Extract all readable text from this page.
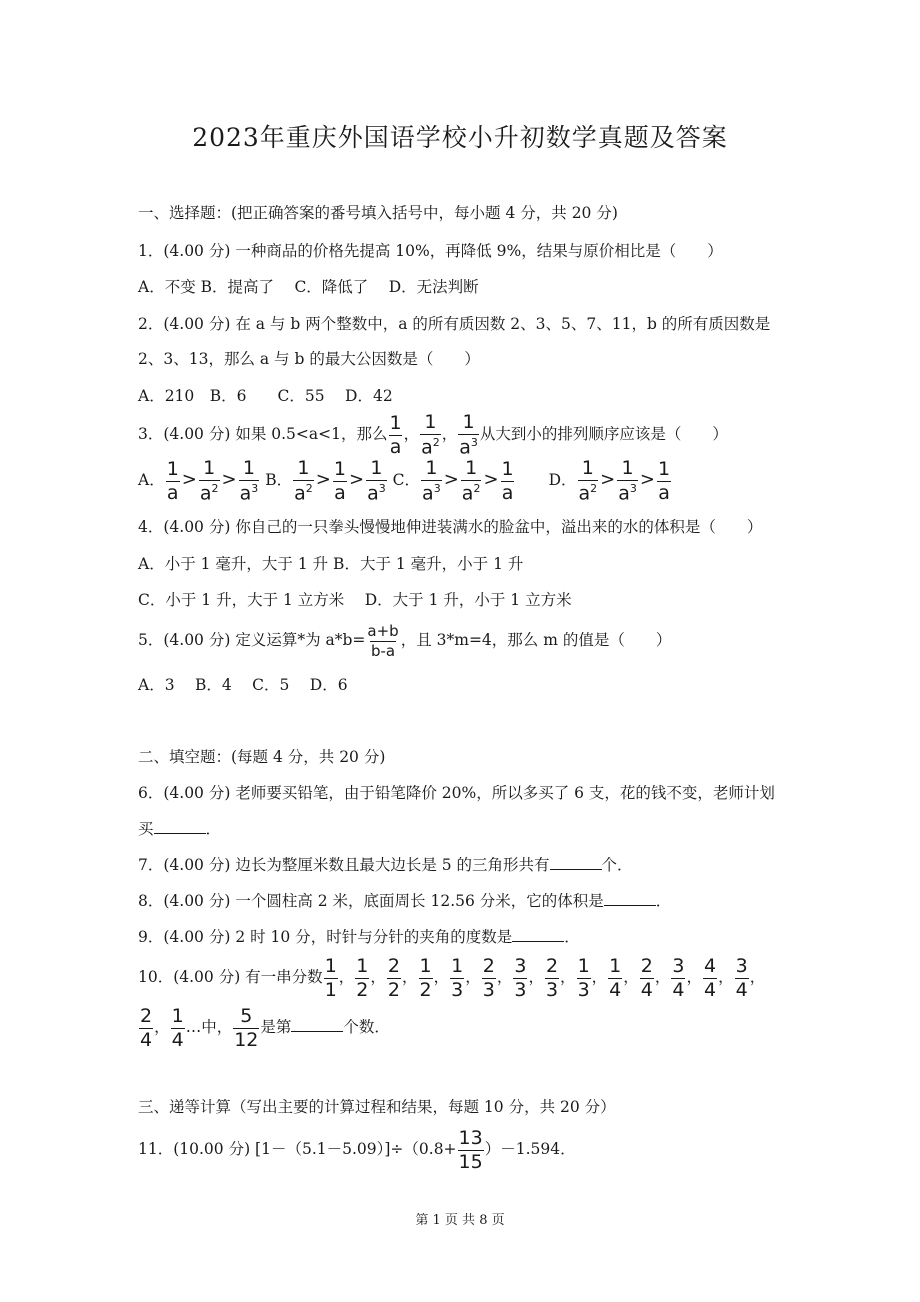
2023年重庆外国语学校小升初数学真题及答案
一、选择题：(把正确答案的番号填入括号中，每小题 4 分，共 20 分)
1．(4.00 分) 一种商品的价格先提高 10%，再降低 9%，结果与原价相比是（　　）
A．不变 B．提高了　 C．降低了　 D．无法判断
2．(4.00 分) 在 a 与 b 两个整数中，a 的所有质因数 2、3、5、7、11，b 的所有质因数是
2、3、13，那么 a 与 b 的最大公因数是（　　）
A．210　B．6　　C．55　 D．42
3．(4.00 分) 如果 0.5<a<1，那么 $\frac{1}{a}$ ， $\frac{1}{a^2}$ ， $\frac{1}{a^3}$ 从大到小的排列顺序应该是（　　）
A． $\frac{1}{a} > \frac{1}{a^2} > \frac{1}{a^3}$ B． $\frac{1}{a^2} > \frac{1}{a} > \frac{1}{a^3}$ C． $\frac{1}{a^3} > \frac{1}{a^2} > \frac{1}{a}$ D． $\frac{1}{a^2} > \frac{1}{a^3} > \frac{1}{a}$
4．(4.00 分) 你自己的一只拳头慢慢地伸进装满水的脸盆中，溢出来的水的体积是（　　）
A．小于 1 毫升，大于 1 升 B．大于 1 毫升，小于 1 升
C．小于 1 升，大于 1 立方米　 D．大于 1 升，小于 1 立方米
5．(4.00 分) 定义运算*为 $a*b= \frac{a+b}{b-a}$ ，且 3*m=4，那么 m 的值是（　　）
A．3　 B．4　 C．5　 D．6
二、填空题：(每题 4 分，共 20 分)
6．(4.00 分) 老师要买铅笔，由于铅笔降价 20%，所以多买了 6 支，花的钱不变，老师计划
买	．
7．(4.00 分) 边长为整厘米数且最大边长是 5 的三角形共有	个．
8．(4.00 分) 一个圆柱高 2 米，底面周长 12.56 分米，它的体积是	．
9．(4.00 分) 2 时 10 分，时针与分针的夹角的度数是	．
10．(4.00 分) 有一串分数 $\frac{1}{1}$ ， $\frac{1}{2}$ ， $\frac{2}{2}$ ， $\frac{1}{2}$ ， $\frac{1}{3}$ ， $\frac{2}{3}$ ， $\frac{3}{3}$ ， $\frac{2}{3}$ ， $\frac{1}{3}$ ， $\frac{1}{4}$ ， $\frac{2}{4}$ ， $\frac{3}{4}$ ， $\frac{4}{4}$ ， $\frac{3}{4}$ ，
$\frac{2}{4}$ ， $\frac{1}{4}$ …中， $\frac{5}{12}$ 是第	个数．
三、递等计算（写出主要的计算过程和结果，每题 10 分，共 20 分）
11．(10.00 分) $[1-(5.1-5.09)]\div(0.8+ \frac{13}{15} )-1.594$．
第 1 页 共 8 页
